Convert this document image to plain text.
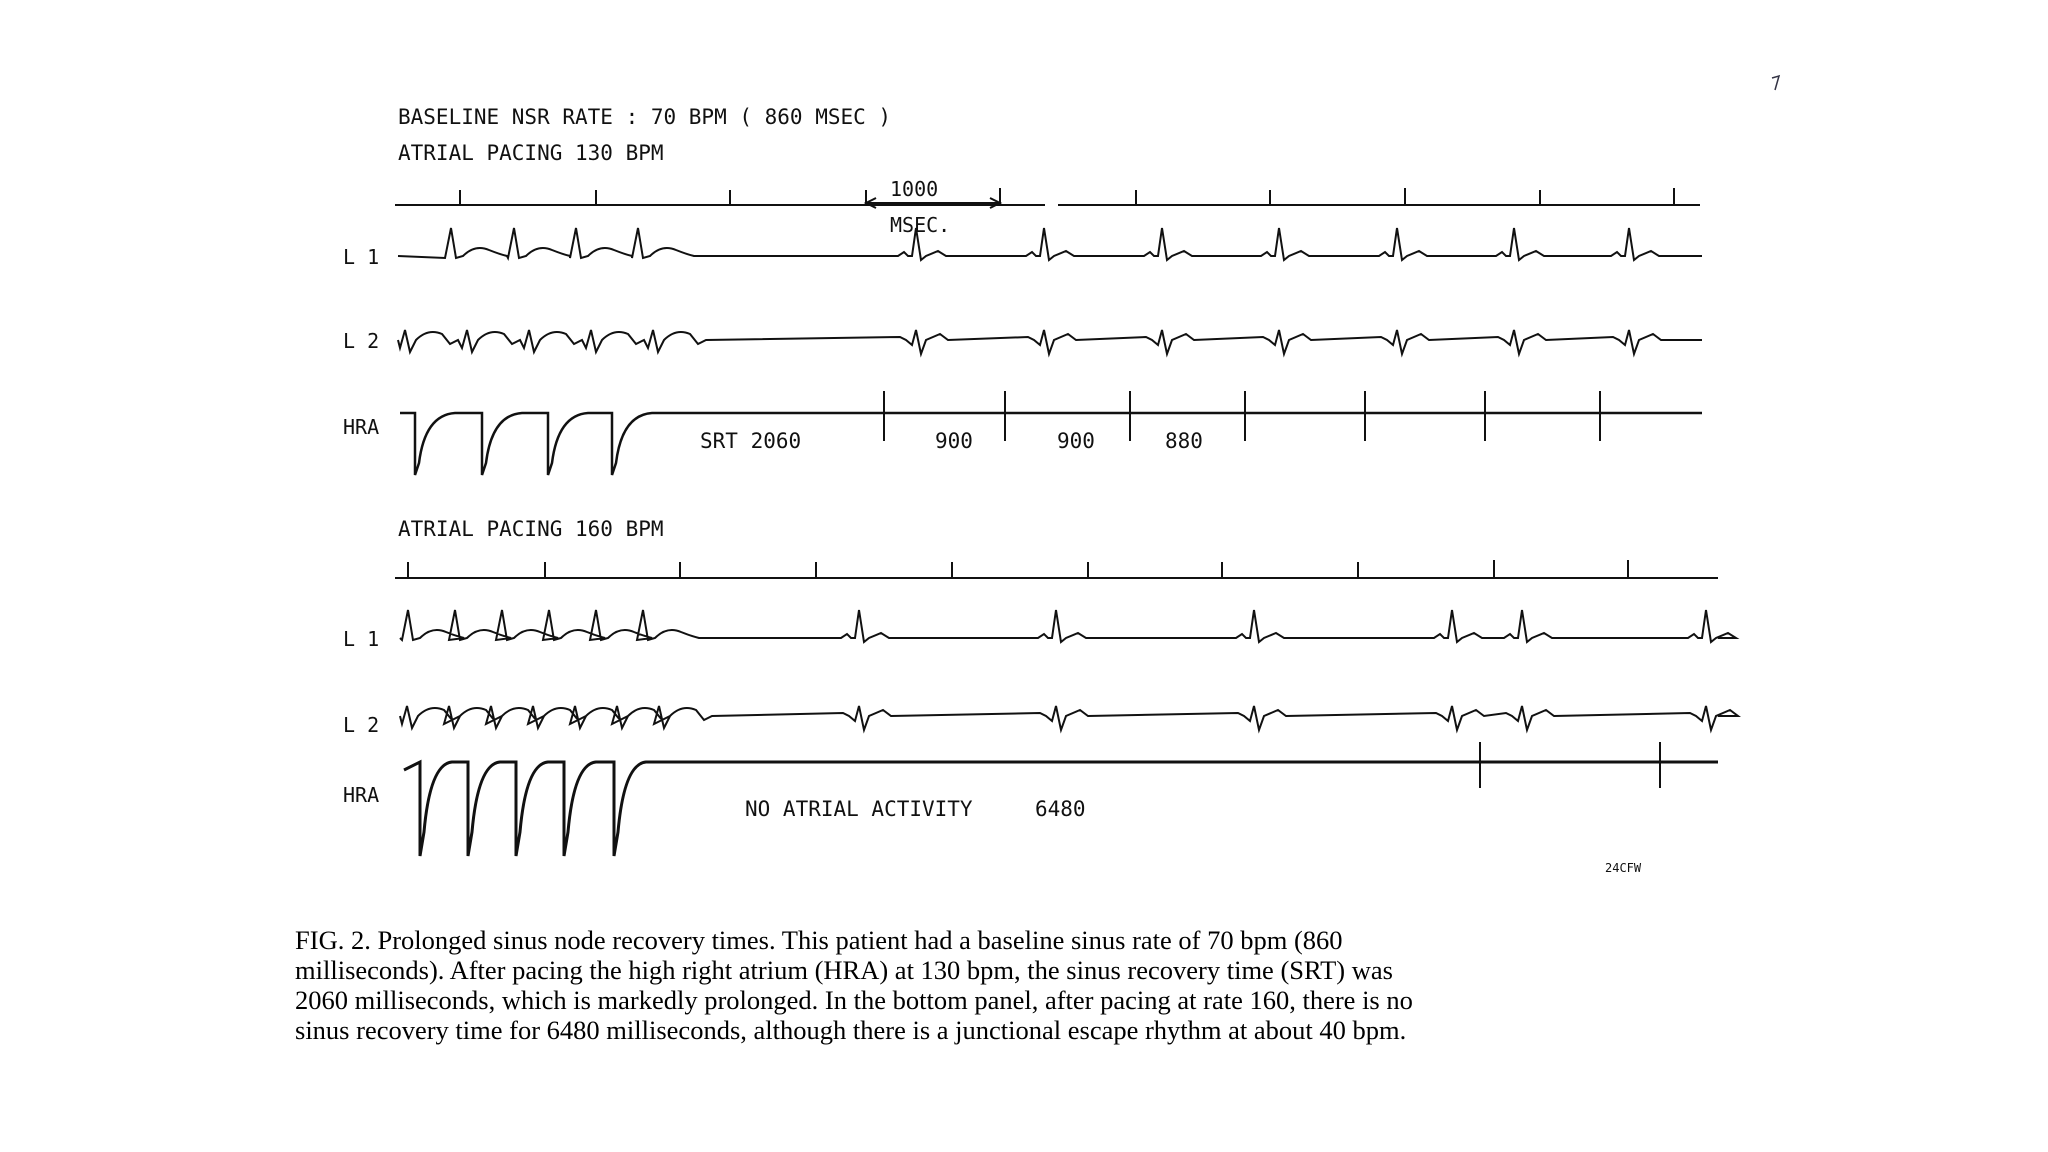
BASELINE NSR RATE : 70 BPM ( 860 MSEC )
ATRIAL PACING 130 BPM
1000
MSEC.
L 1
L 2
HRA
SRT 2060	900	900	880
ATRIAL PACING 160 BPM
L 1
L 2
HRA
NO ATRIAL ACTIVITY	6480
24CFW
FIG. 2. Prolonged sinus node recovery times. This patient had a baseline sinus rate of 70 bpm (860
milliseconds). After pacing the high right atrium (HRA) at 130 bpm, the sinus recovery time (SRT) was
2060 milliseconds, which is markedly prolonged. In the bottom panel, after pacing at rate 160, there is no
sinus recovery time for 6480 milliseconds, although there is a junctional escape rhythm at about 40 bpm.
